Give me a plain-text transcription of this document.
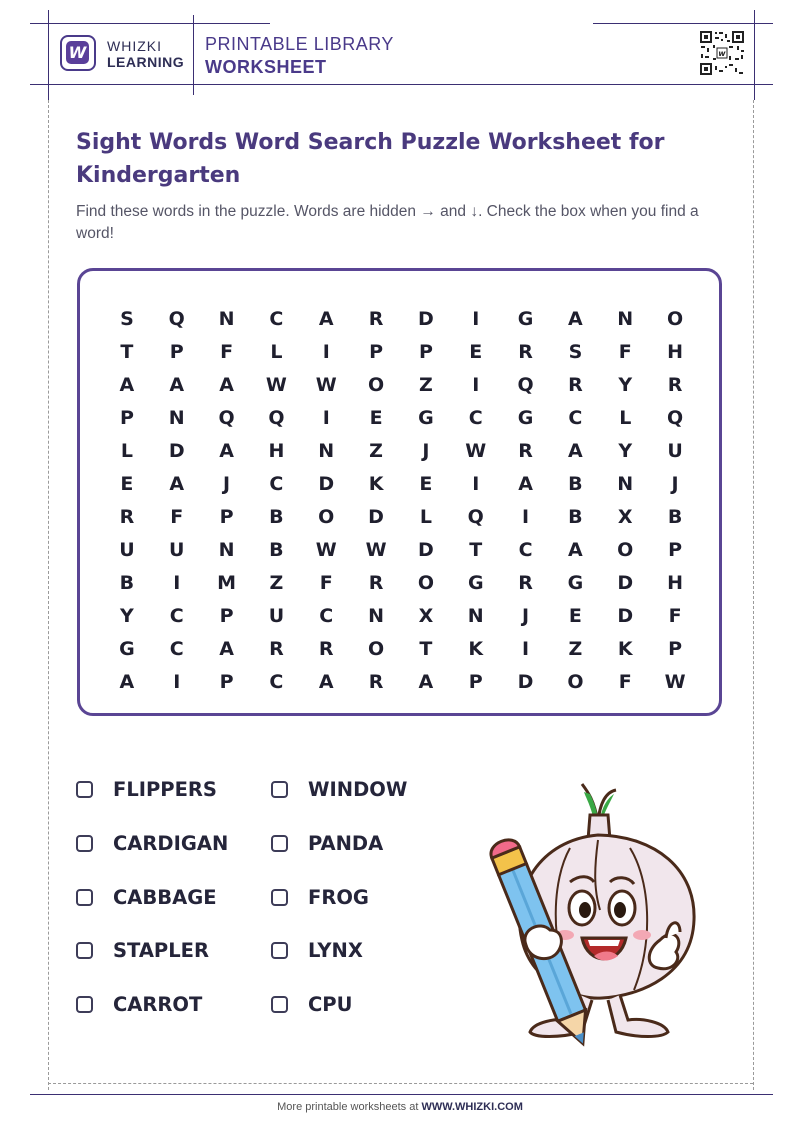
W WHIZKI
LEARNING
PRINTABLE LIBRARY
WORKSHEET
w
Sight Words Word Search Puzzle Worksheet for Kindergarten
Find these words in the puzzle. Words are hidden → and ↓. Check the box when you find a word!
S	Q	N	C	A	R	D	I	G	A	N	O
T	P	F	L	I	P	P	E	R	S	F	H
A	A	A	W	W	O	Z	I	Q	R	Y	R
P	N	Q	Q	I	E	G	C	G	C	L	Q
L	D	A	H	N	Z	J	W	R	A	Y	U
E	A	J	C	D	K	E	I	A	B	N	J
R	F	P	B	O	D	L	Q	I	B	X	B
U	U	N	B	W	W	D	T	C	A	O	P
B	I	M	Z	F	R	O	G	R	G	D	H
Y	C	P	U	C	N	X	N	J	E	D	F
G	C	A	R	R	O	T	K	I	Z	K	P
A	I	P	C	A	R	A	P	D	O	F	W
FLIPPERS
CARDIGAN
CABBAGE
STAPLER
CARROT
WINDOW
PANDA
FROG
LYNX
CPU
More printable worksheets at WWW.WHIZKI.COM
